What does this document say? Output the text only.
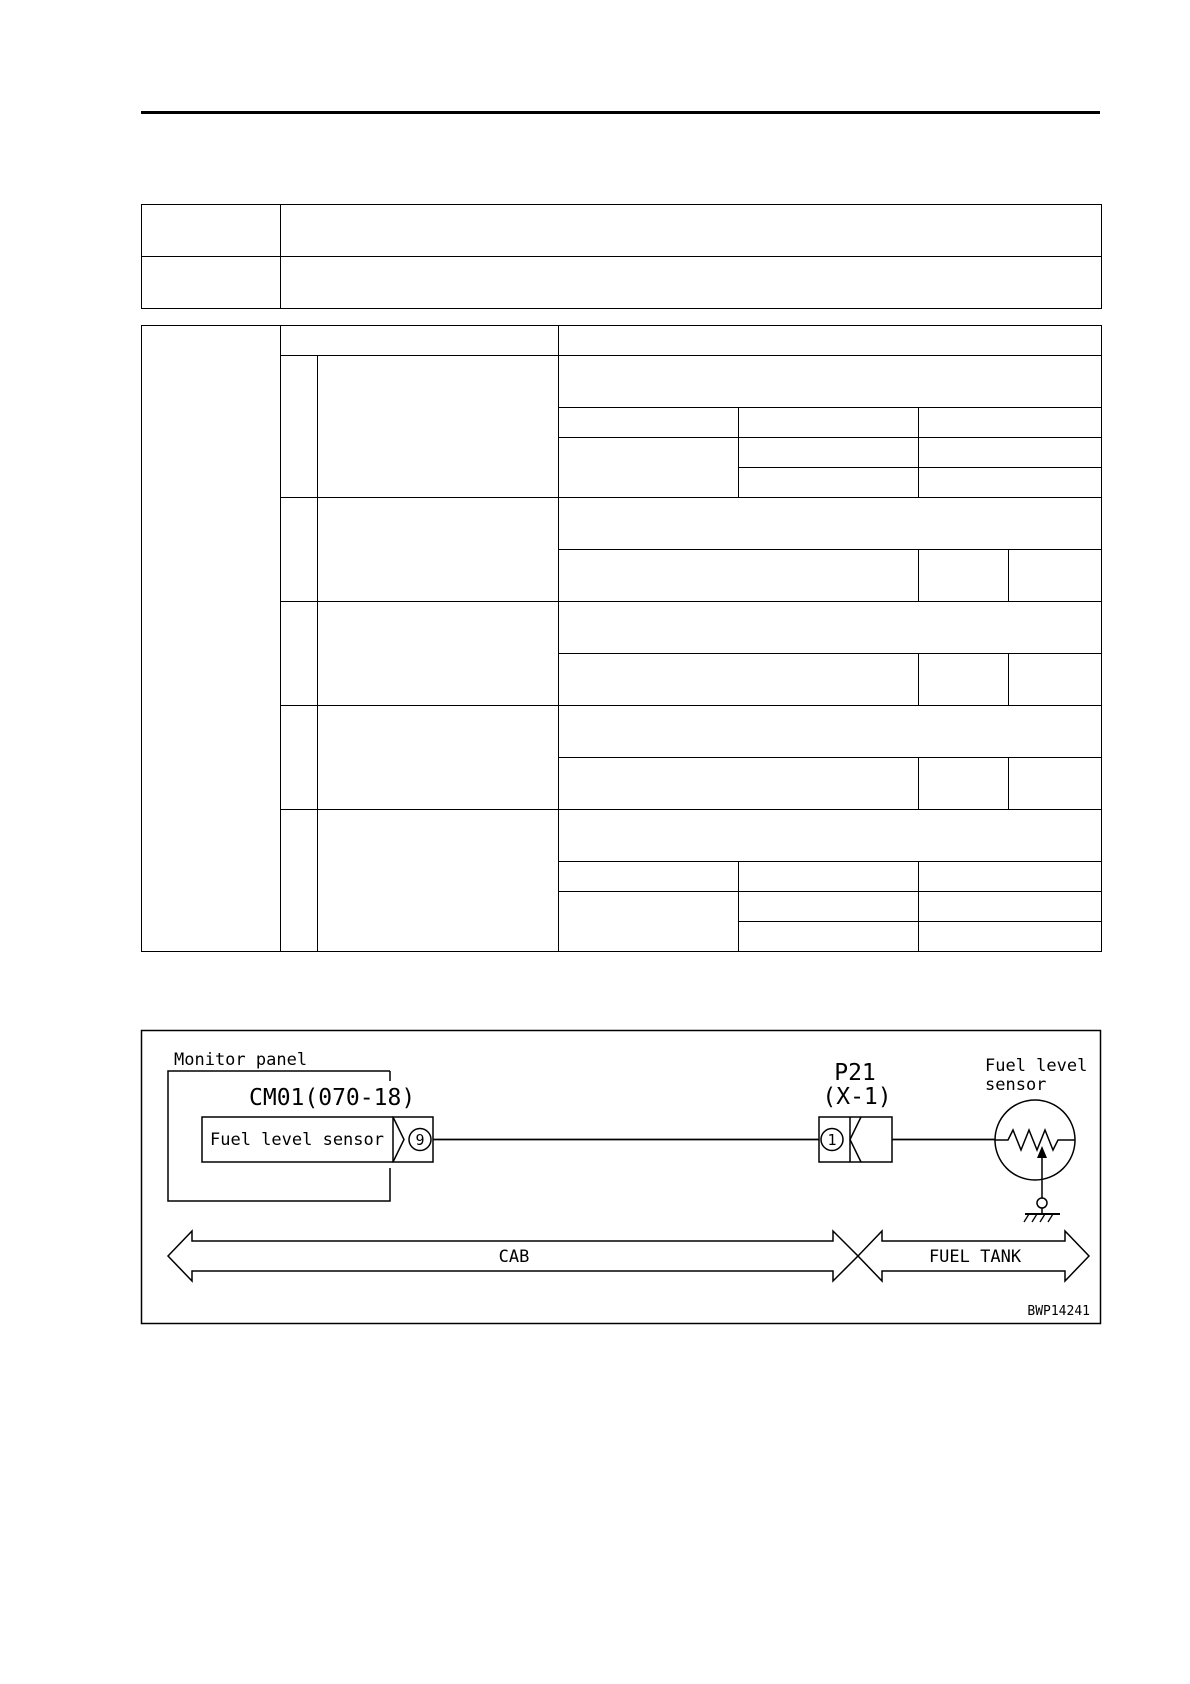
Monitor panel
CM01(070-18)
Fuel level sensor 9
P21
(X-1)
1
Fuel level
sensor
CAB	FUEL TANK
BWP14241
